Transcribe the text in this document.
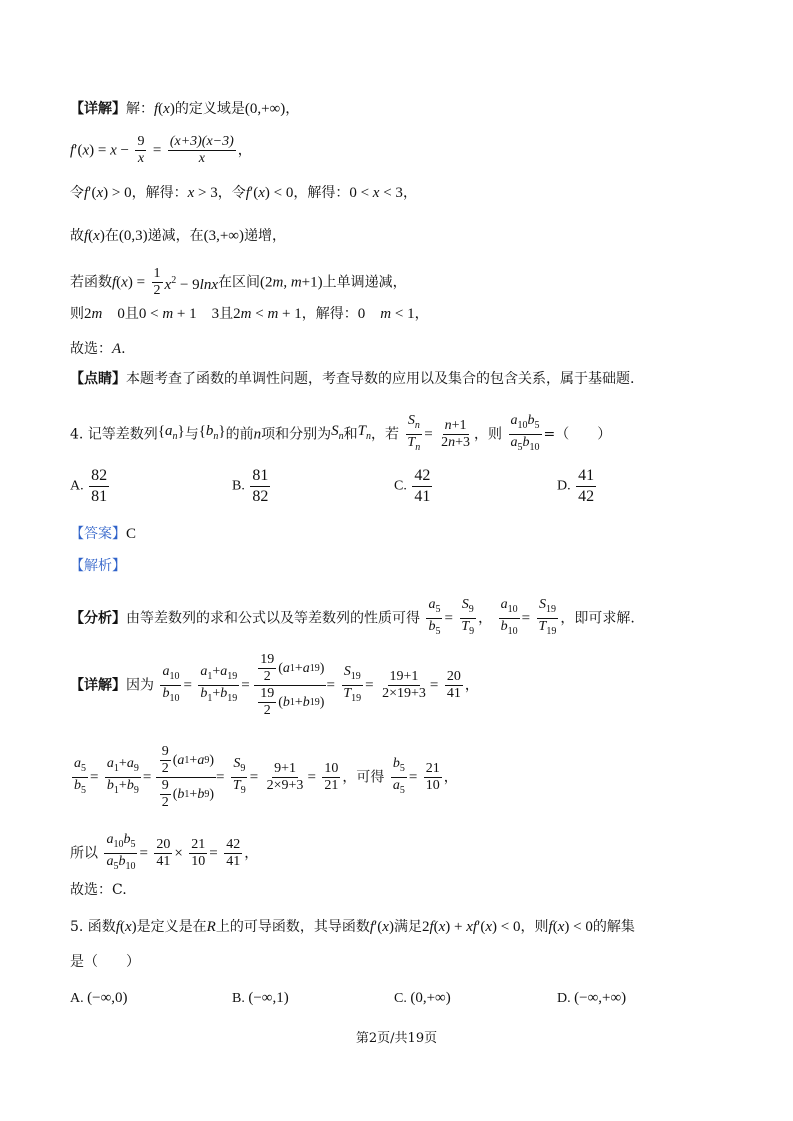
【详解】解：f(x)的定义域是(0,+∞)，
$f'(x) = x - \frac{9}{x} = \frac{(x+3)(x-3)}{x}$ ，
令f′(x) > 0，解得：x > 3，令f′(x) < 0，解得：0 < x < 3，
故f(x)在(0,3)递减，在(3,+∞)递增，
若函数$f(x) = \frac{1}{2} x^2 - 9\ln x$在区间(2m, m+1)上单调递减，
则2m　0且0 < m + 1　3且2m < m + 1，解得：0　m < 1，
故选：A.
【点睛】本题考查了函数的单调性问题，考查导数的应用以及集合的包含关系，属于基础题.
4. 记等差数列$\{a_n\}$与$\{b_n\}$的前n项和分别为$S_n$和$T_n$，若 $\frac{S_n}{T_n} = \frac{n+1}{2n+3}$ ，则 $\frac{a_{10}b_5}{a_5b_{10}}$ =（　　）
A. $\frac{82}{81}$	B. $\frac{81}{82}$	C. $\frac{42}{41}$	D. $\frac{41}{42}$
【答案】C
【解析】
【分析】由等差数列的求和公式以及等差数列的性质可得 $\frac{a_5}{b_5} = \frac{S_9}{T_9}$ ， $\frac{a_{10}}{b_{10}} = \frac{S_{19}}{T_{19}}$ ，即可求解.
【详解】因为 $\frac{a_{10}}{b_{10}} = \frac{a_1+a_{19}}{b_1+b_{19}} = \frac{\frac{19}{2} ( a 1 + a 19 )}{\frac{19}{2} ( b 1 + b 19 )} = \frac{S_{19}}{T_{19}} = \frac{19+1}{2\times 19+3} = \frac{20}{41}$ ，
$\frac{a_5}{b_5} = \frac{a_1+a_9}{b_1+b_9} = \frac{\frac{9}{2} ( a 1 + a 9 )}{\frac{9}{2} ( b 1 + b 9 )} = \frac{S_9}{T_9} = \frac{9+1}{2\times 9+3} = \frac{10}{21}$ ，可得 $\frac{b_5}{a_5} = \frac{21}{10}$ ，
所以 $\frac{a_{10}b_5}{a_5b_{10}} = \frac{20}{41} \times \frac{21}{10} = \frac{42}{41}$ ，
故选：C.
5. 函数f(x)是定义是在R上的可导函数，其导函数f′(x)满足2f(x) + xf′(x) < 0，则f(x) < 0的解集
是（　　）
A. (−∞,0)	B. (−∞,1)	C. (0,+∞)	D. (−∞,+∞)
第2页/共19页
